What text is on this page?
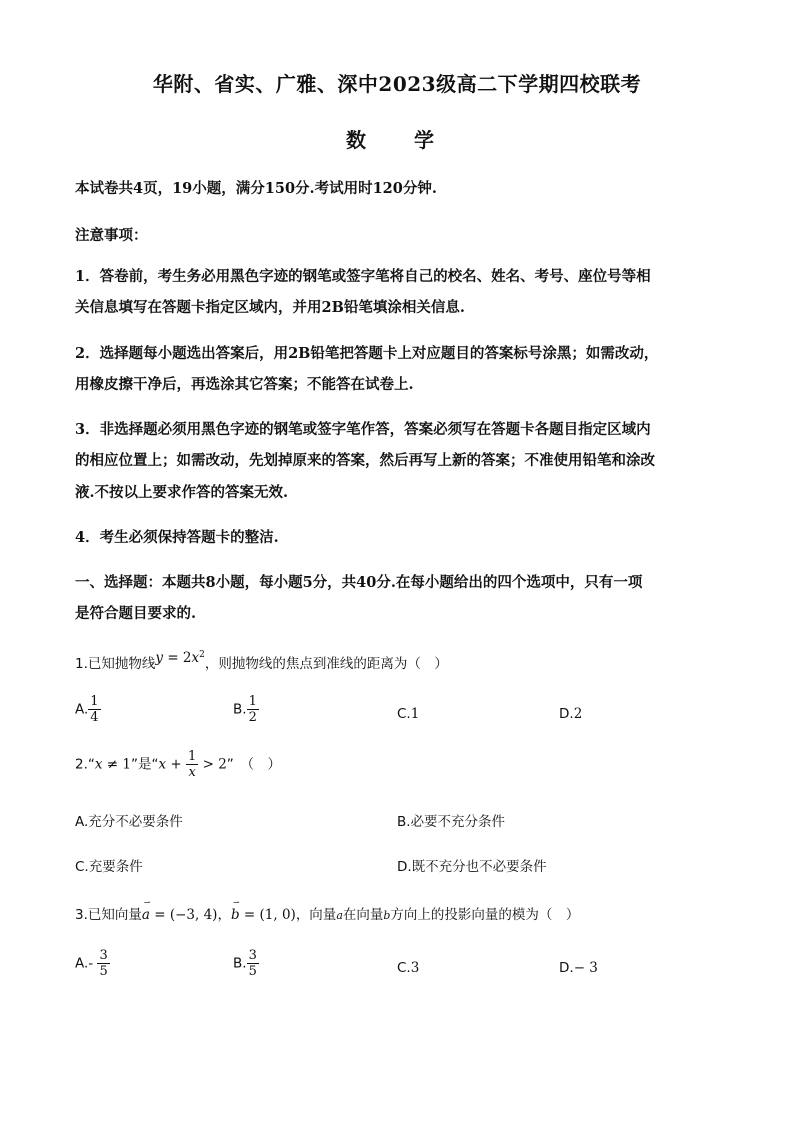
华附、省实、广雅、深中2023级高二下学期四校联考
数　学
本试卷共4页，19小题，满分150分.考试用时120分钟.
注意事项：
1．答卷前，考生务必用黑色字迹的钢笔或签字笔将自己的校名、姓名、考号、座位号等相
关信息填写在答题卡指定区域内，并用2B铅笔填涂相关信息.
2．选择题每小题选出答案后，用2B铅笔把答题卡上对应题目的答案标号涂黑；如需改动，
用橡皮擦干净后，再选涂其它答案；不能答在试卷上.
3．非选择题必须用黑色字迹的钢笔或签字笔作答，答案必须写在答题卡各题目指定区域内
的相应位置上；如需改动，先划掉原来的答案，然后再写上新的答案；不准使用铅笔和涂改
液.不按以上要求作答的答案无效.
4．考生必须保持答题卡的整洁.
一、选择题：本题共8小题，每小题5分，共40分.在每小题给出的四个选项中，只有一项
是符合题目要求的.
1.已知抛物线$y = 2x^2$，则抛物线的焦点到准线的距离为（　）
A. $\frac{1}{4}$	B. $\frac{1}{2}$	C.1	D.2
2.“x ≠ 1”是“$x + \frac{1}{x} > 2$”　（　）
A.充分不必要条件	B.必要不充分条件
C.充要条件	D.既不充分也不必要条件
3.已知向量
⇀
a = (−3, 4)，
⇀
b = (1, 0)，向量a在向量b方向上的投影向量的模为（　）
$A.- \frac{3}{5}$	B. $\frac{3}{5}$	C.3	D.− 3
